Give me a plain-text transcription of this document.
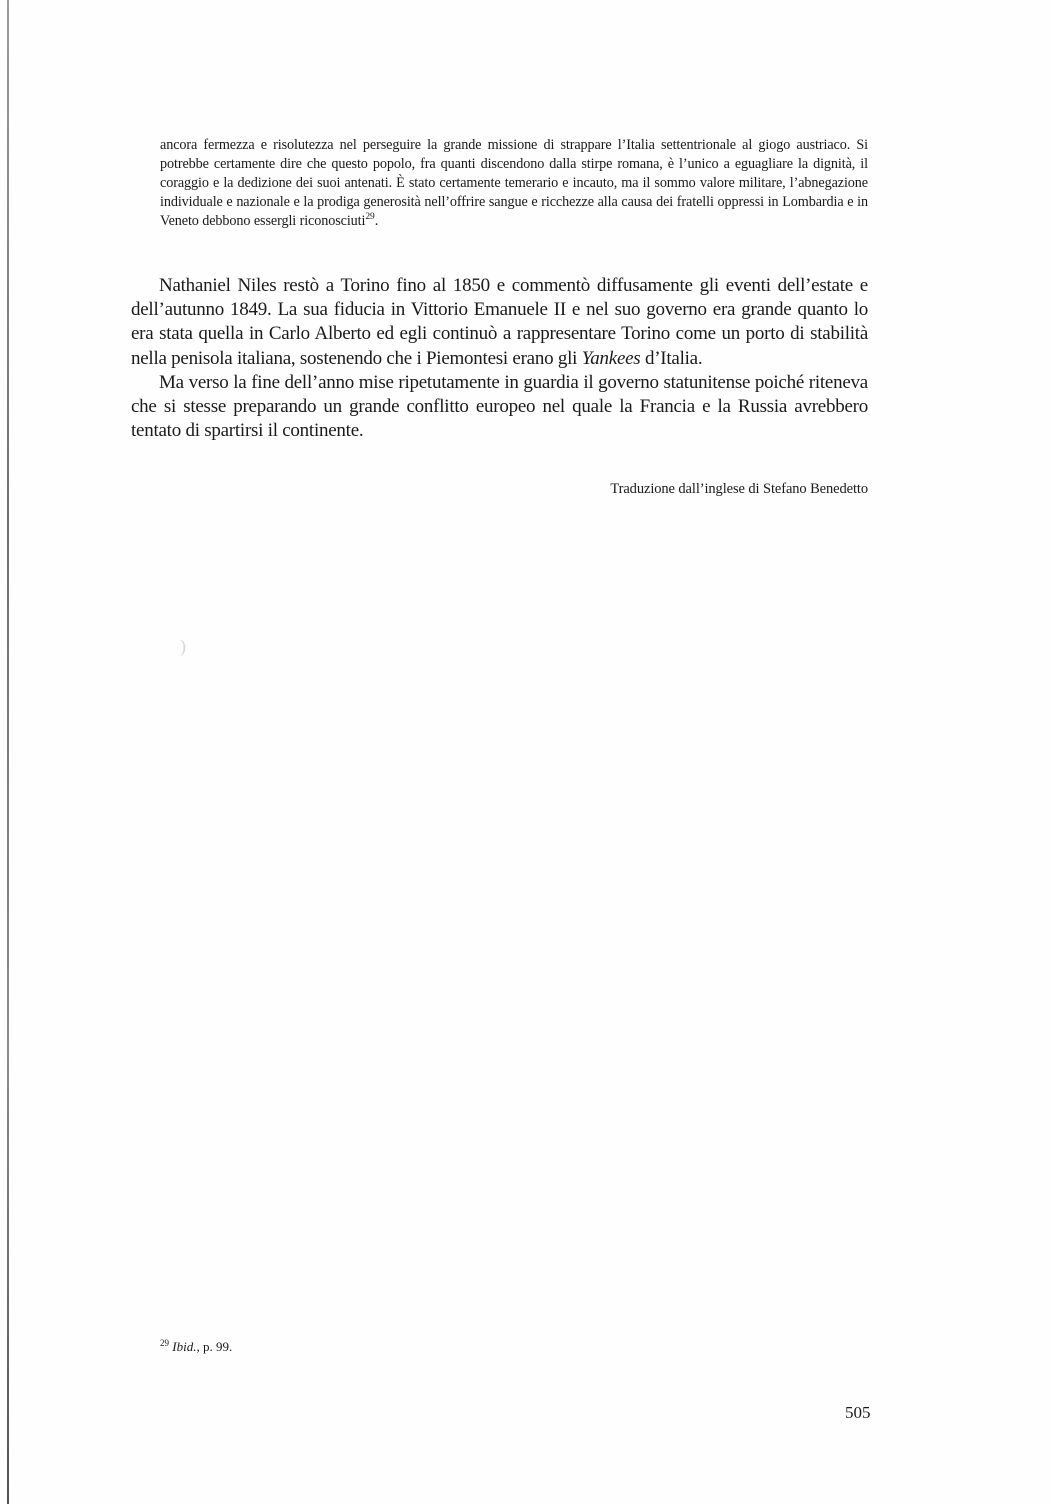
ancora fermezza e risolutezza nel perseguire la grande missione di strappare l’Italia settentrionale al giogo austriaco. Si potrebbe certamente dire che questo popolo, fra quanti discendono dalla stirpe romana, è l’unico a eguagliare la dignità, il coraggio e la dedizione dei suoi antenati. È stato certamente temerario e incauto, ma il sommo valore militare, l’abnegazione individuale e nazionale e la prodiga generosità nell’offrire sangue e ricchezze alla causa dei fratelli oppressi in Lombardia e in Veneto debbono essergli riconosciuti$^{29}$.

Nathaniel Niles restò a Torino fino al 1850 e commentò diffusamente gli eventi dell’estate e dell’autunno 1849. La sua fiducia in Vittorio Emanuele II e nel suo governo era grande quanto lo era stata quella in Carlo Alberto ed egli continuò a rappresentare Torino come un porto di stabilità nella penisola italiana, sostenendo che i Piemontesi erano gli Yankees d’Italia.

Ma verso la fine dell’anno mise ripetutamente in guardia il governo statunitense poiché riteneva che si stesse preparando un grande conflitto europeo nel quale la Francia e la Russia avrebbero tentato di spartirsi il continente.

Traduzione dall’inglese di Stefano Benedetto
)
$^{29}$ Ibid., p. 99.
505
